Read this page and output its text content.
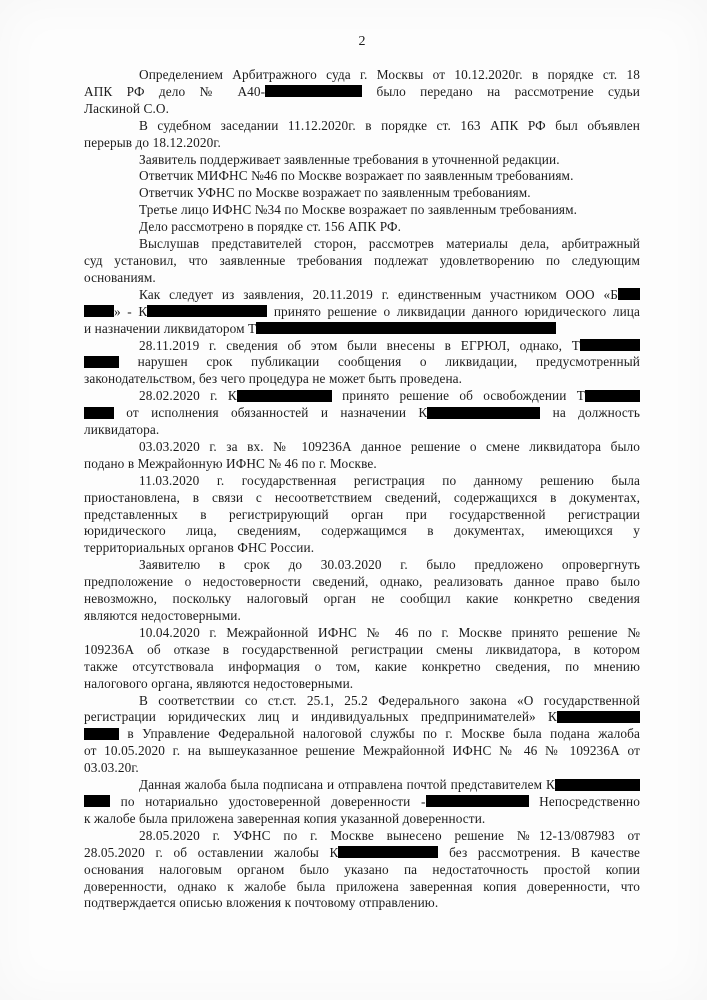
2
Определением Арбитражного суда г. Москвы от 10.12.2020г. в порядке ст. 18
АПК РФ дело № А40-	было передано на рассмотрение судьи
Ласкиной С.О.
В судебном заседании 11.12.2020г. в порядке ст. 163 АПК РФ был объявлен
перерыв до 18.12.2020г.
Заявитель поддерживает заявленные требования в уточненной редакции.
Ответчик МИФНС №46 по Москве возражает по заявленным требованиям.
Ответчик УФНС по Москве возражает по заявленным требованиям.
Третье лицо ИФНС №34 по Москве возражает по заявленным требованиям.
Дело рассмотрено в порядке ст. 156 АПК РФ.
Выслушав представителей сторон, рассмотрев материалы дела, арбитражный
суд установил, что заявленные требования подлежат удовлетворению по следующим
основаниям.
Как следует из заявления, 20.11.2019 г. единственным участником ООО «Б
» - К	принято решение о ликвидации данного юридического лица
и назначении ликвидатором Т
28.11.2019 г. сведения об этом были внесены в ЕГРЮЛ, однако, Т
нарушен срок публикации сообщения о ликвидации, предусмотренный
законодательством, без чего процедура не может быть проведена.
28.02.2020 г. К	принято решение об освобождении Т
от исполнения обязанностей и назначении К	на должность
ликвидатора.
03.03.2020 г. за вх. № 109236А данное решение о смене ликвидатора было
подано в Межрайонную ИФНС № 46 по г. Москве.
11.03.2020 г. государственная регистрация по данному решению была
приостановлена, в связи с несоответствием сведений, содержащихся в документах,
представленных в регистрирующий орган при государственной регистрации
юридического лица, сведениям, содержащимся в документах, имеющихся у
территориальных органов ФНС России.
Заявителю в срок до 30.03.2020 г. было предложено опровергнуть
предположение о недостоверности сведений, однако, реализовать данное право было
невозможно, поскольку налоговый орган не сообщил какие конкретно сведения
являются недостоверными.
10.04.2020 г. Межрайонной ИФНС № 46 по г. Москве принято решение №
109236А об отказе в государственной регистрации смены ликвидатора, в котором
также отсутствовала информация о том, какие конкретно сведения, по мнению
налогового органа, являются недостоверными.
В соответствии со ст.ст. 25.1, 25.2 Федерального закона «О государственной
регистрации юридических лиц и индивидуальных предпринимателей» К
в Управление Федеральной налоговой службы по г. Москве была подана жалоба
от 10.05.2020 г. на вышеуказанное решение Межрайонной ИФНС № 46 № 109236А от
03.03.20г.
Данная жалоба была подписана и отправлена почтой представителем К
по нотариально удостоверенной доверенности -	Непосредственно
к жалобе была приложена заверенная копия указанной доверенности.
28.05.2020 г. УФНС по г. Москве вынесено решение №12-13/087983 от
28.05.2020 г. об оставлении жалобы К	без рассмотрения. В качестве
основания налоговым органом было указано па недостаточность простой копии
доверенности, однако к жалобе была приложена заверенная копия доверенности, что
подтверждается описью вложения к почтовому отправлению.
